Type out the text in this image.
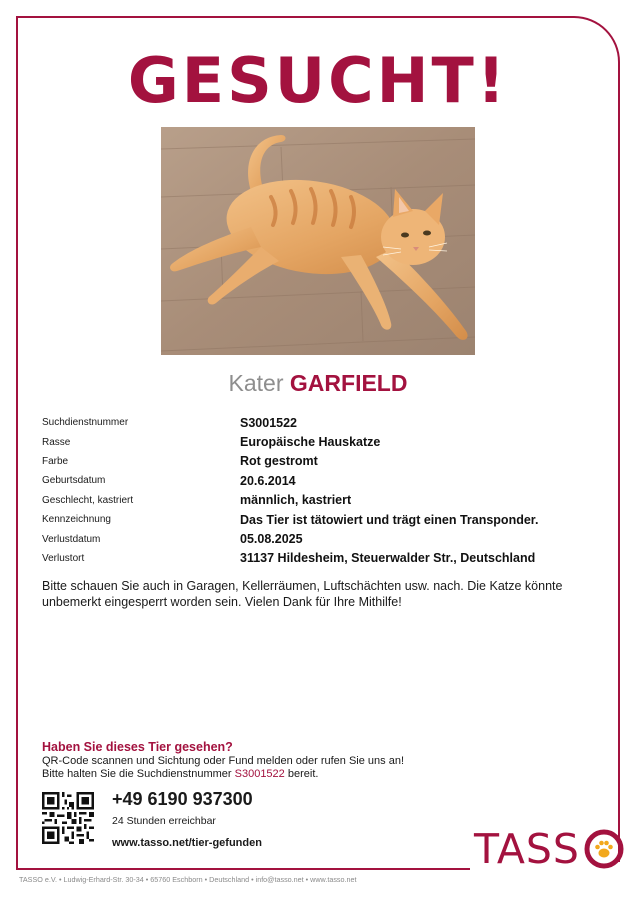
GESUCHT!
Kater GARFIELD
Suchdienstnummer	S3001522
Rasse	Europäische Hauskatze
Farbe	Rot gestromt
Geburtsdatum	20.6.2014
Geschlecht, kastriert	männlich, kastriert
Kennzeichnung	Das Tier ist tätowiert und trägt einen Transponder.
Verlustdatum	05.08.2025
Verlustort	31137 Hildesheim, Steuerwalder Str., Deutschland
Bitte schauen Sie auch in Garagen, Kellerräumen, Luftschächten usw. nach. Die Katze könnte unbemerkt eingesperrt worden sein. Vielen Dank für Ihre Mithilfe!
Haben Sie dieses Tier gesehen?
QR-Code scannen und Sichtung oder Fund melden oder rufen Sie uns an!
Bitte halten Sie die Suchdienstnummer S3001522 bereit.
+49 6190 937300
24 Stunden erreichbar
www.tasso.net/tier-gefunden	TASS
TASSO e.V. • Ludwig-Erhard-Str. 30-34 • 65760 Eschborn • Deutschland • info@tasso.net • www.tasso.net
